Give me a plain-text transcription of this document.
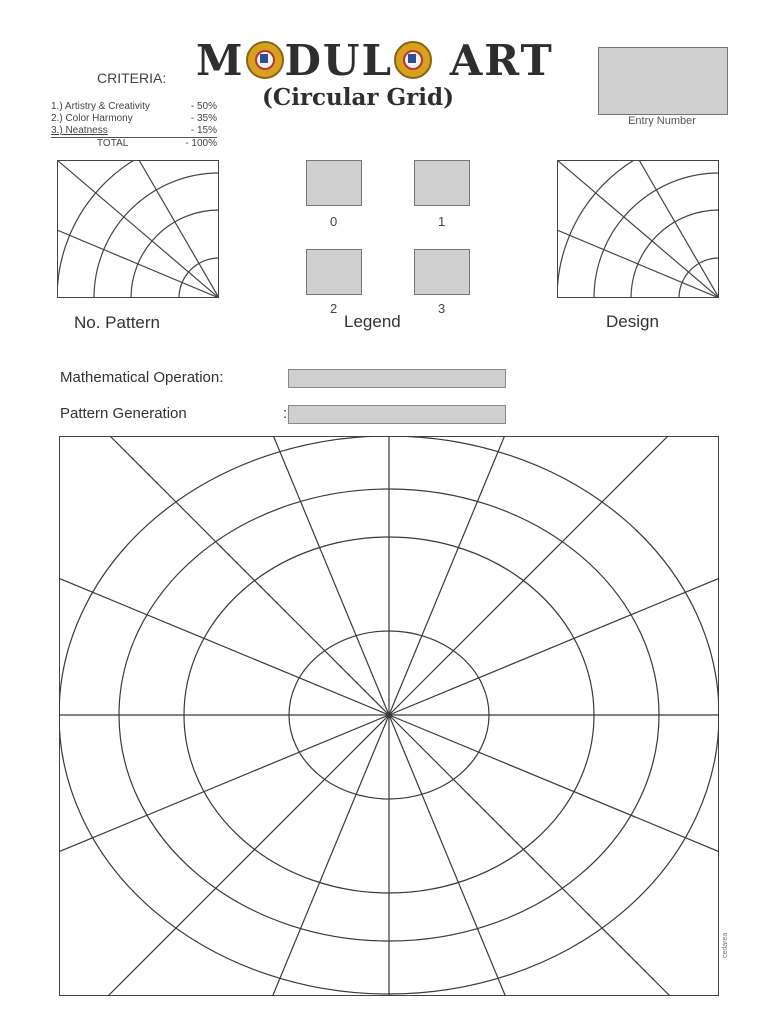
M DUL ART
(Circular Grid)
CRITERIA:
1.) Artistry & Creativity	- 50%
2.) Color Harmony	- 35%
3.) Neatness	- 15%
TOTAL	- 100%
Entry Number
No. Pattern	Design
0	1
2	3
Legend
Mathematical Operation:
Pattern Generation	:
cedarea
